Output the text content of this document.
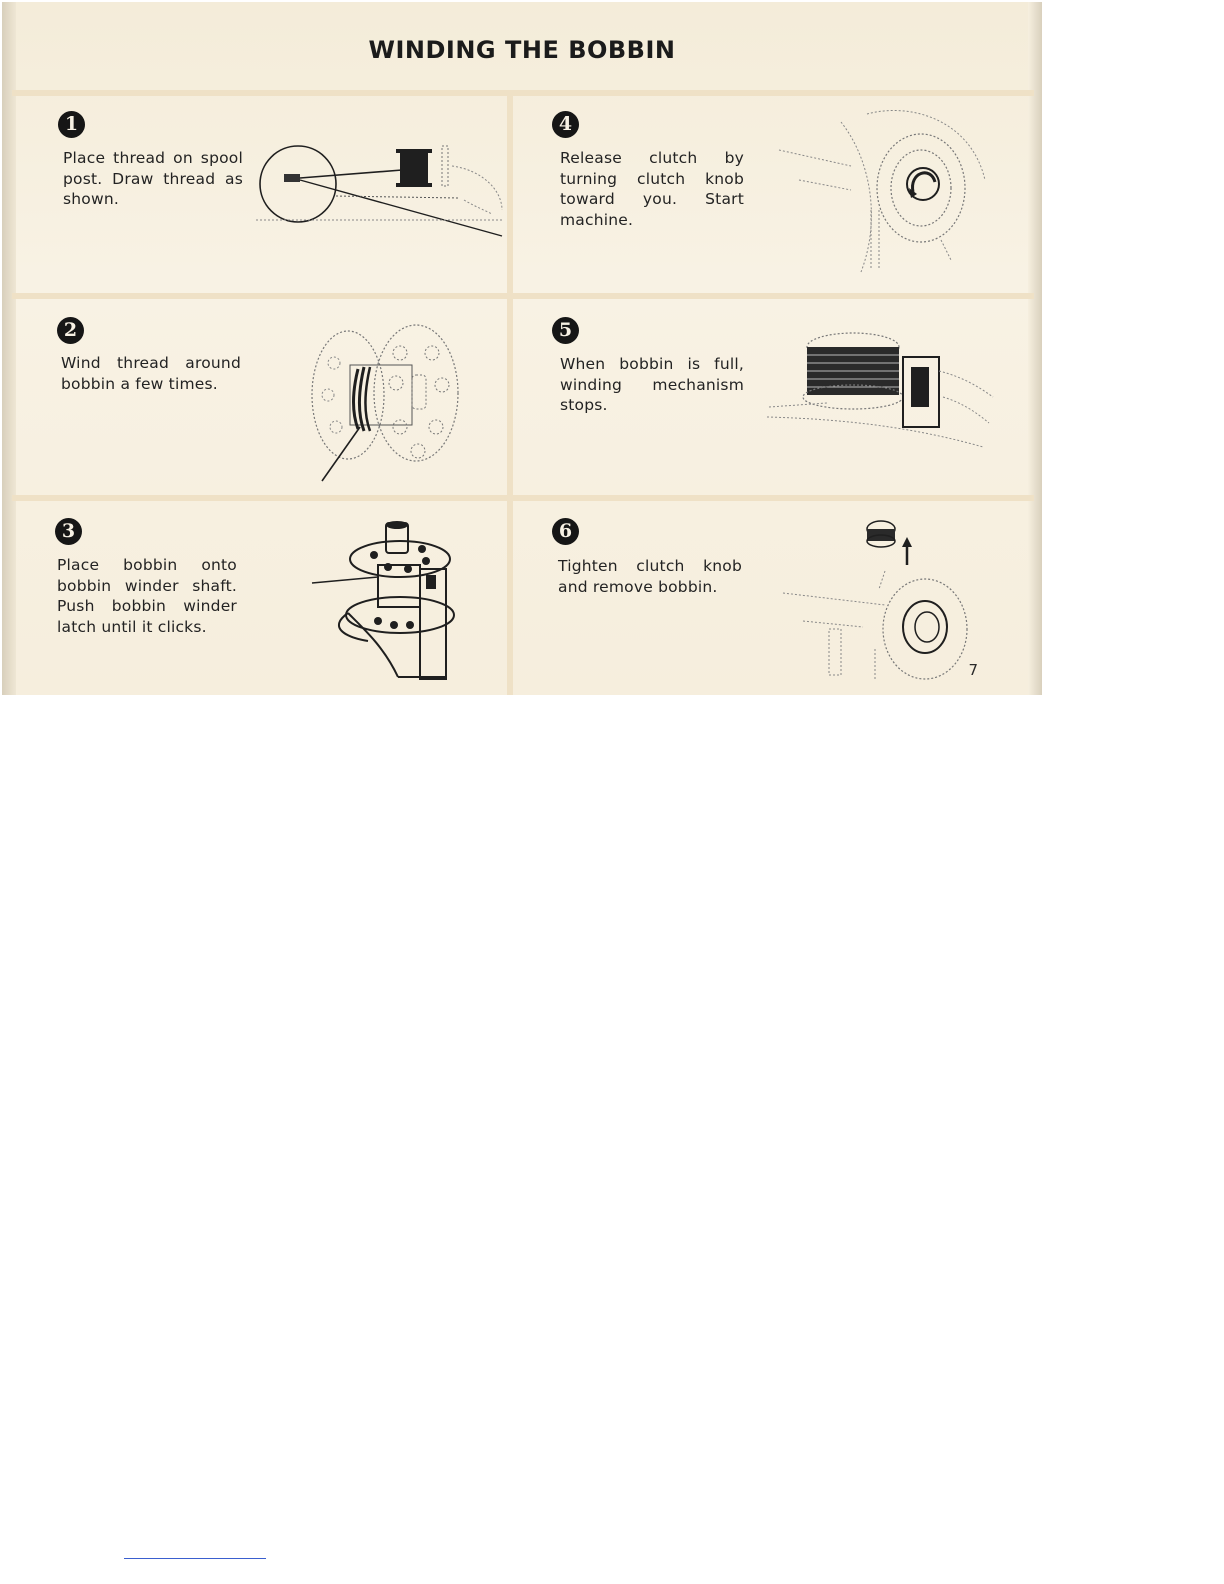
WINDING THE BOBBIN
1
Place thread on spool post. Draw thread as shown.
2
Wind thread around bobbin a few times.
3
Place bobbin onto bobbin winder shaft. Push bobbin winder latch until it clicks.
4
Release clutch by turning clutch knob toward you. Start machine.
5
When bobbin is full, winding mechanism stops.
6
Tighten clutch knob and remove bobbin.
7
